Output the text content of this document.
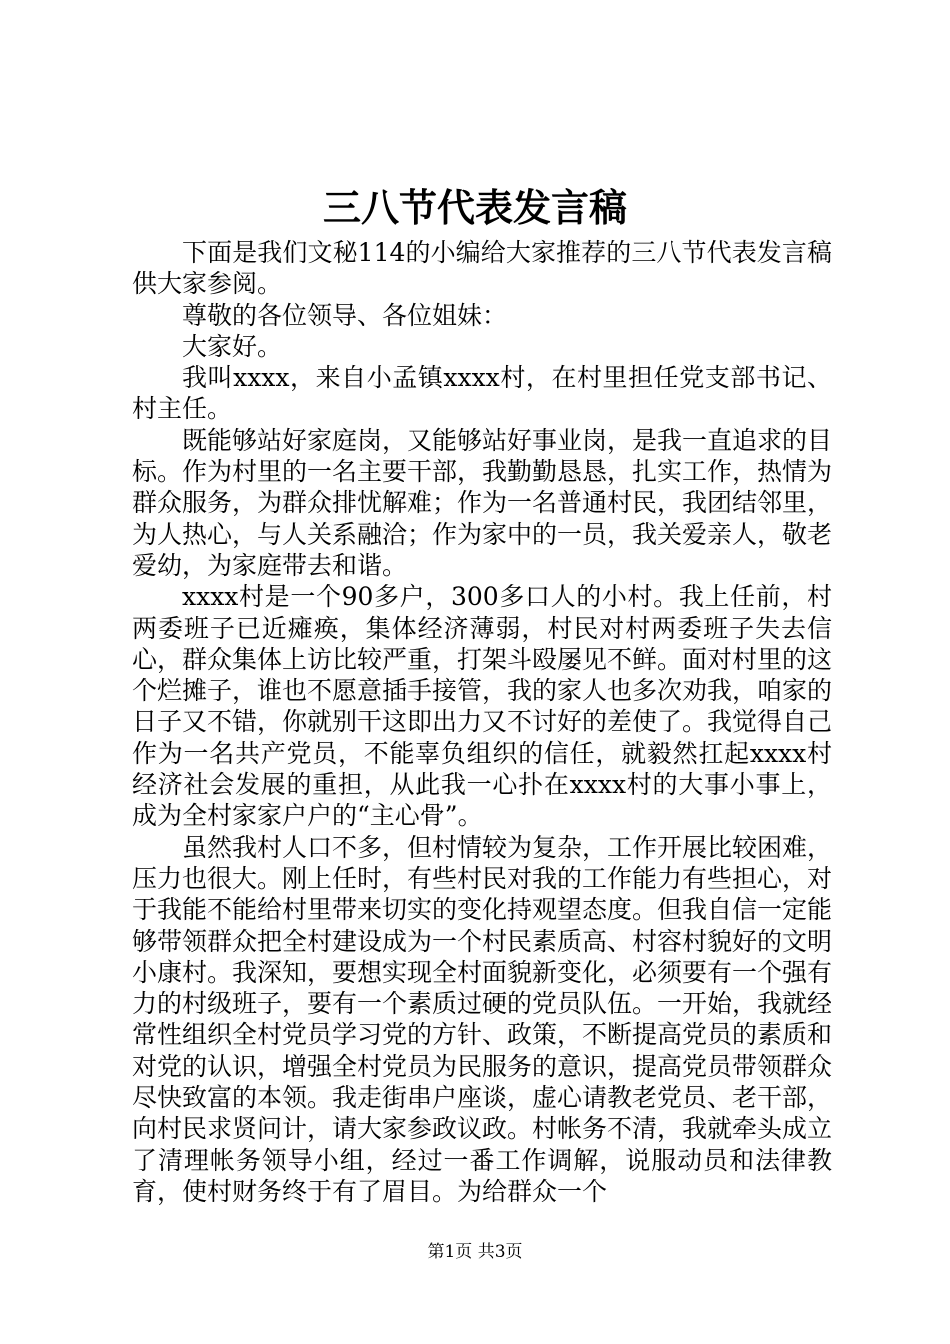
三八节代表发言稿

下面是我们文秘114的小编给大家推荐的三八节代表发言稿供大家参阅。

尊敬的各位领导、各位姐妹：

大家好。

我叫xxxx，来自小孟镇xxxx村，在村里担任党支部书记、村主任。

既能够站好家庭岗，又能够站好事业岗，是我一直追求的目标。作为村里的一名主要干部，我勤勤恳恳，扎实工作，热情为群众服务，为群众排忧解难；作为一名普通村民，我团结邻里，为人热心，与人关系融洽；作为家中的一员，我关爱亲人，敬老爱幼，为家庭带去和谐。

xxxx村是一个90多户，300多口人的小村。我上任前，村两委班子已近瘫痪，集体经济薄弱，村民对村两委班子失去信心，群众集体上访比较严重，打架斗殴屡见不鲜。面对村里的这个烂摊子，谁也不愿意插手接管，我的家人也多次劝我，咱家的日子又不错，你就别干这即出力又不讨好的差使了。我觉得自己作为一名共产党员，不能辜负组织的信任，就毅然扛起xxxx村经济社会发展的重担，从此我一心扑在xxxx村的大事小事上，成为全村家家户户的“主心骨”。

虽然我村人口不多，但村情较为复杂，工作开展比较困难，压力也很大。刚上任时，有些村民对我的工作能力有些担心，对于我能不能给村里带来切实的变化持观望态度。但我自信一定能够带领群众把全村建设成为一个村民素质高、村容村貌好的文明小康村。我深知，要想实现全村面貌新变化，必须要有一个强有力的村级班子，要有一个素质过硬的党员队伍。一开始，我就经常性组织全村党员学习党的方针、政策，不断提高党员的素质和对党的认识，增强全村党员为民服务的意识，提高党员带领群众尽快致富的本领。我走街串户座谈，虚心请教老党员、老干部，向村民求贤问计，请大家参政议政。村帐务不清，我就牵头成立了清理帐务领导小组，经过一番工作调解，说服动员和法律教育，使村财务终于有了眉目。为给群众一个

第1页 共3页
